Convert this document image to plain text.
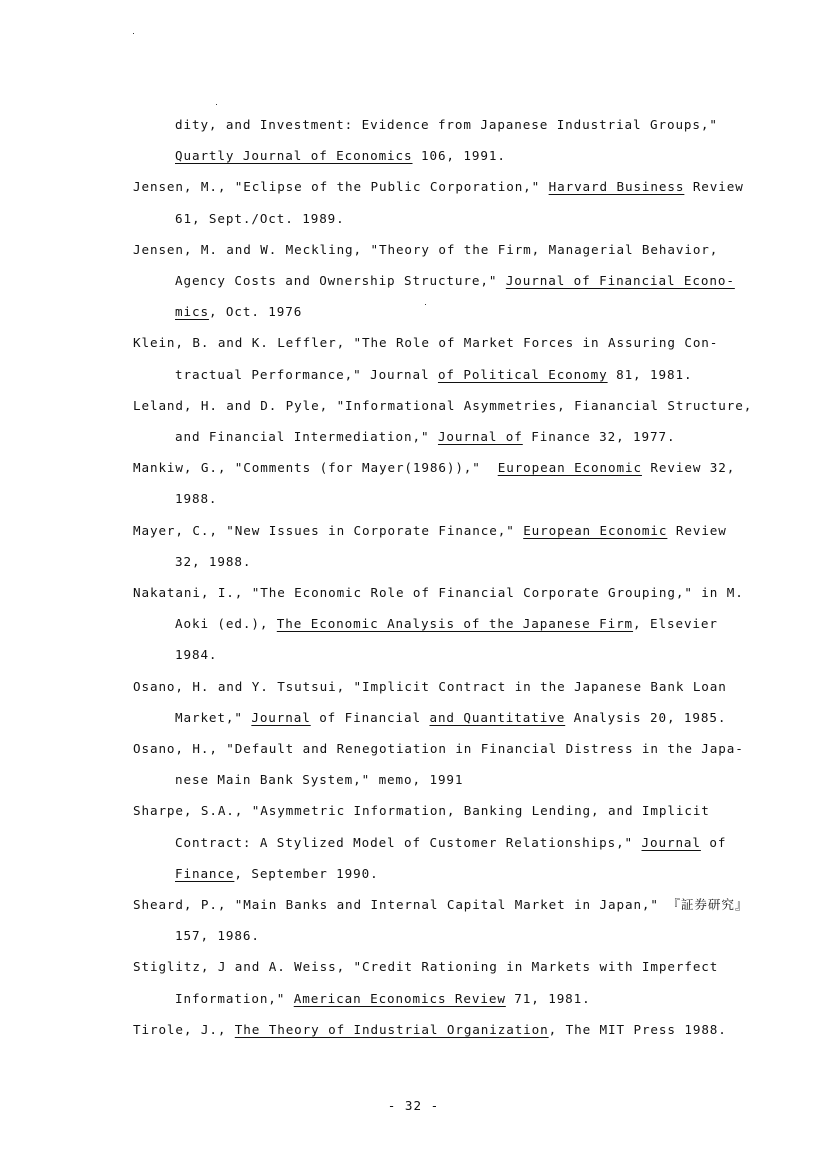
dity, and Investment: Evidence from Japanese Industrial Groups,"
Quartly Journal of Economics 106, 1991.
Jensen, M., "Eclipse of the Public Corporation," Harvard Business Review
61, Sept./Oct. 1989.
Jensen, M. and W. Meckling, "Theory of the Firm, Managerial Behavior,
Agency Costs and Ownership Structure," Journal of Financial Econo-
mics, Oct. 1976
Klein, B. and K. Leffler, "The Role of Market Forces in Assuring Con-
tractual Performance," Journal of Political Economy 81, 1981.
Leland, H. and D. Pyle, "Informational Asymmetries, Fianancial Structure,
and Financial Intermediation," Journal of Finance 32, 1977.
Mankiw, G., "Comments (for Mayer(1986)),"  European Economic Review 32,
1988.
Mayer, C., "New Issues in Corporate Finance," European Economic Review
32, 1988.
Nakatani, I., "The Economic Role of Financial Corporate Grouping," in M.
Aoki (ed.), The Economic Analysis of the Japanese Firm, Elsevier
1984.
Osano, H. and Y. Tsutsui, "Implicit Contract in the Japanese Bank Loan
Market," Journal of Financial and Quantitative Analysis 20, 1985.
Osano, H., "Default and Renegotiation in Financial Distress in the Japa-
nese Main Bank System," memo, 1991
Sharpe, S.A., "Asymmetric Information, Banking Lending, and Implicit
Contract: A Stylized Model of Customer Relationships," Journal of
Finance, September 1990.
Sheard, P., "Main Banks and Internal Capital Market in Japan," 『証券研究』
157, 1986.
Stiglitz, J and A. Weiss, "Credit Rationing in Markets with Imperfect
Information," American Economics Review 71, 1981.
Tirole, J., The Theory of Industrial Organization, The MIT Press 1988.
- 32 -
